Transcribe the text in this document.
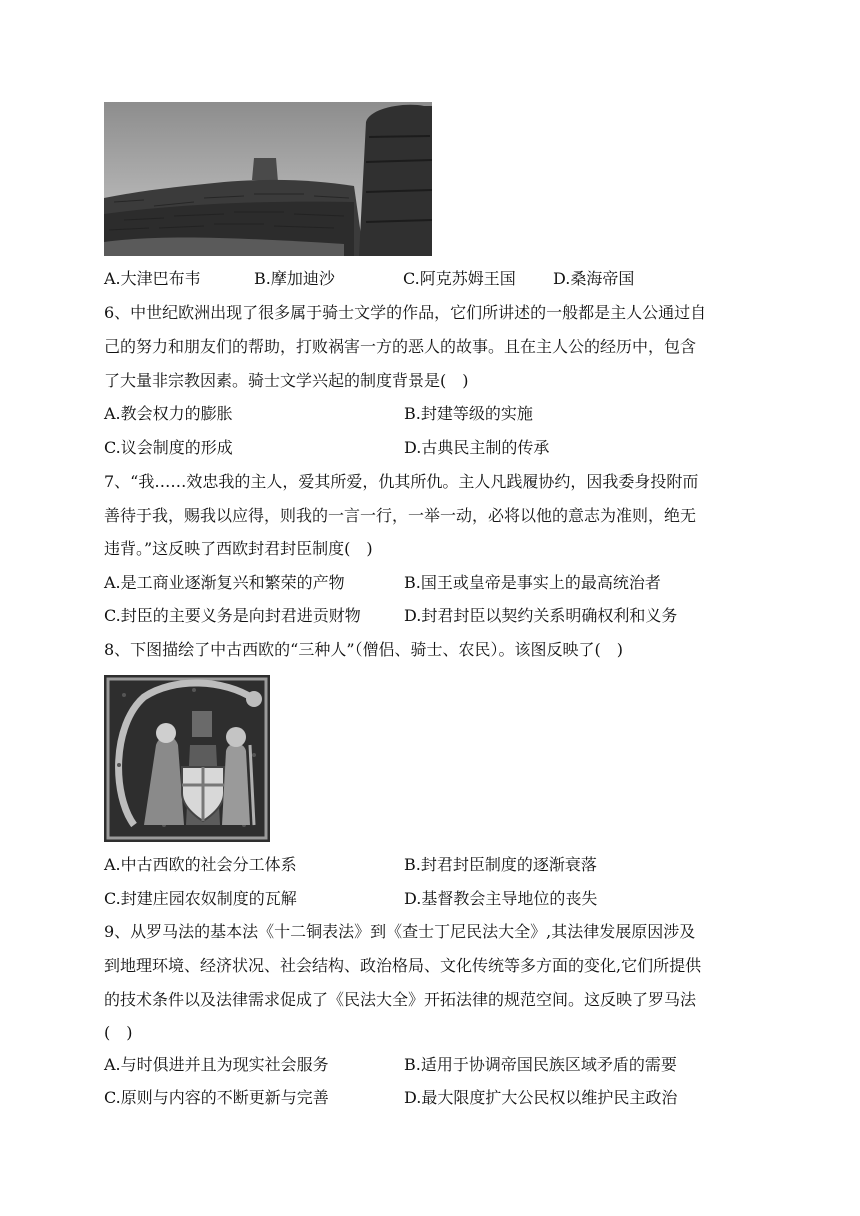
A.大津巴布韦	B.摩加迪沙	C.阿克苏姆王国 D.桑海帝国
6、中世纪欧洲出现了很多属于骑士文学的作品，它们所讲述的一般都是主人公通过自
己的努力和朋友们的帮助，打败祸害一方的恶人的故事。且在主人公的经历中，包含
了大量非宗教因素。骑士文学兴起的制度背景是(　)
A.教会权力的膨胀	B.封建等级的实施
C.议会制度的形成	D.古典民主制的传承
7、“我……效忠我的主人，爱其所爱，仇其所仇。主人凡践履协约，因我委身投附而
善待于我，赐我以应得，则我的一言一行，一举一动，必将以他的意志为准则，绝无
违背。”这反映了西欧封君封臣制度(　)
A.是工商业逐渐复兴和繁荣的产物	B.国王或皇帝是事实上的最高统治者
C.封臣的主要义务是向封君进贡财物	D.封君封臣以契约关系明确权利和义务
8、下图描绘了中古西欧的“三种人”（僧侣、骑士、农民）。该图反映了(　)
A.中古西欧的社会分工体系	B.封君封臣制度的逐渐衰落
C.封建庄园农奴制度的瓦解	D.基督教会主导地位的丧失
9、从罗马法的基本法《十二铜表法》到《查士丁尼民法大全》,其法律发展原因涉及
到地理环境、经济状况、社会结构、政治格局、文化传统等多方面的变化,它们所提供
的技术条件以及法律需求促成了《民法大全》开拓法律的规范空间。这反映了罗马法
(　)
A.与时俱进并且为现实社会服务	B.适用于协调帝国民族区域矛盾的需要
C.原则与内容的不断更新与完善	D.最大限度扩大公民权以维护民主政治
